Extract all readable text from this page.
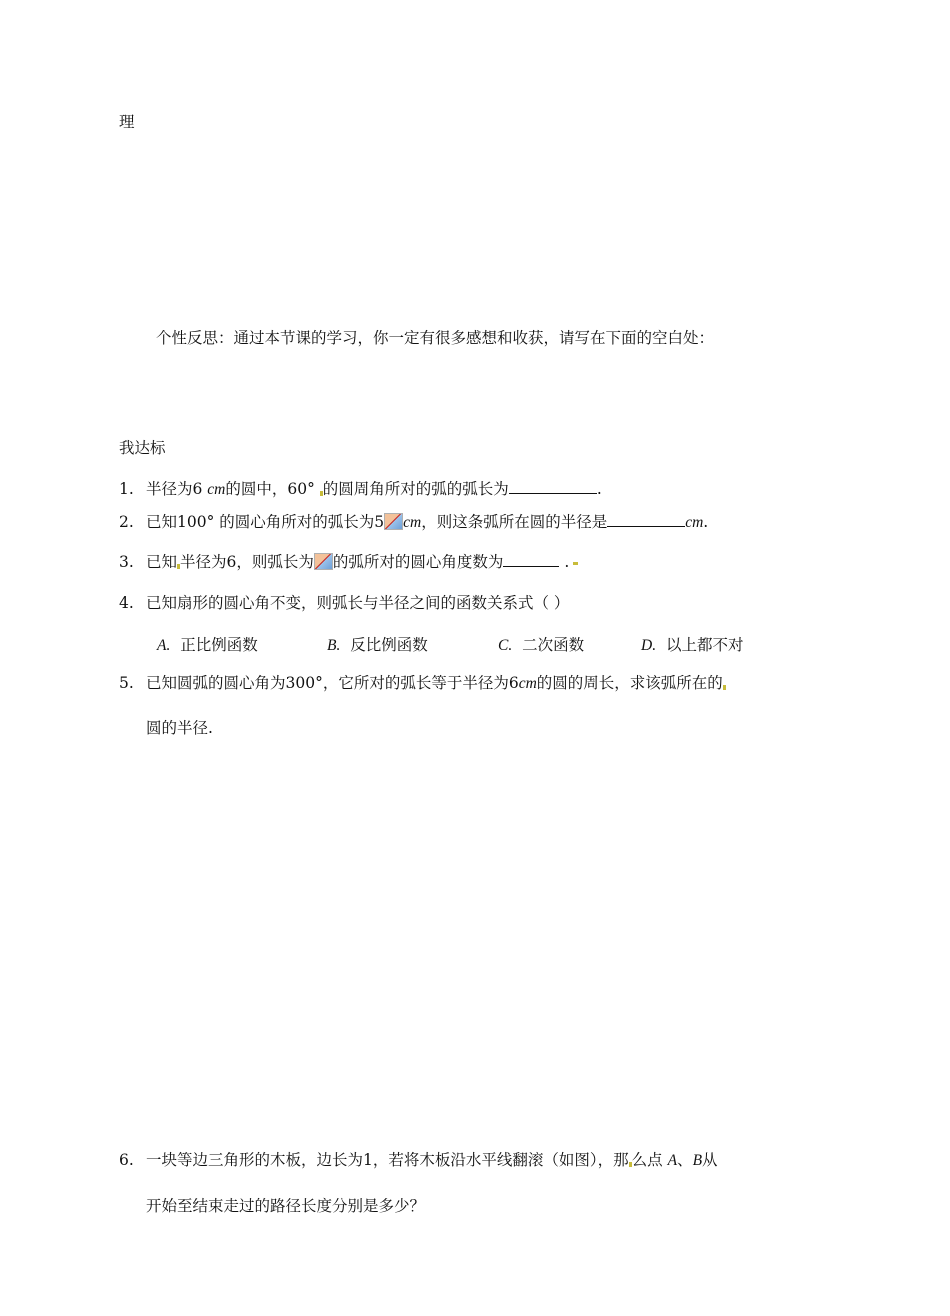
理
个性反思：通过本节课的学习，你一定有很多感想和收获，请写在下面的空白处：
我达标
1. 半径为6 cm的圆中，60° 的圆周角所对的弧的弧长为	.
2. 已知100° 的圆心角所对的弧长为5 cm，则这条弧所在圆的半径是	cm.
3. 已知 半径为6，则弧长为 的弧所对的圆心角度数为	.
4. 已知扇形的圆心角不变，则弧长与半径之间的函数关系式（ ）
A. 正比例函数	B. 反比例函数	C. 二次函数	D. 以上都不对
5. 已知圆弧的圆心角为300°，它所对的弧长等于半径为6cm的圆的周长，求该弧所在的
圆的半径.
6. 一块等边三角形的木板，边长为1，若将木板沿水平线翻滚（如图），那 么点 A、B从
开始至结束走过的路径长度分别是多少？
